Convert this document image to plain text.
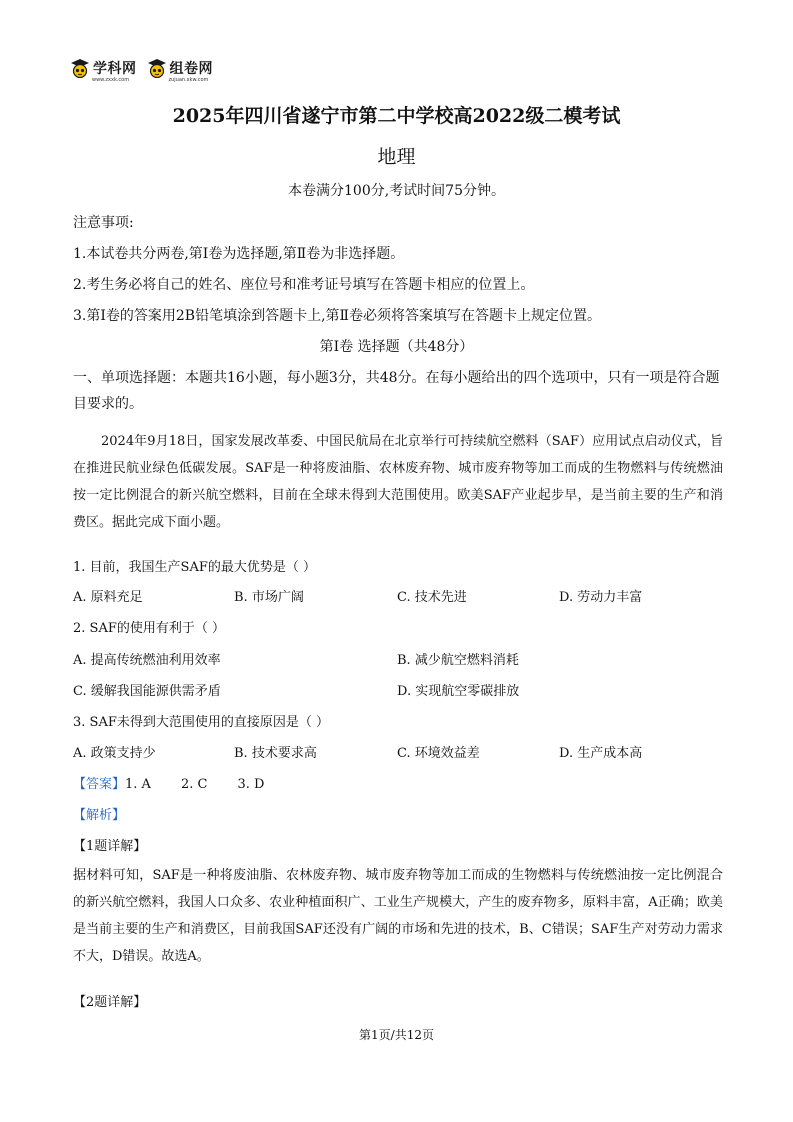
学科网
www.zxxk.com
组卷网
zujuan.xkw.com
2025年四川省遂宁市第二中学校高2022级二模考试
地理
本卷满分100分,考试时间75分钟。
注意事项:
1.本试卷共分两卷,第Ⅰ卷为选择题,第Ⅱ卷为非选择题。
2.考生务必将自己的姓名、座位号和准考证号填写在答题卡相应的位置上。
3.第Ⅰ卷的答案用2B铅笔填涂到答题卡上,第Ⅱ卷必须将答案填写在答题卡上规定位置。
第Ⅰ卷 选择题（共48分）
一、单项选择题：本题共16小题，每小题3分，共48分。在每小题给出的四个选项中，只有一项是符合题目要求的。
2024年9月18日，国家发展改革委、中国民航局在北京举行可持续航空燃料（SAF）应用试点启动仪式，旨在推进民航业绿色低碳发展。SAF是一种将废油脂、农林废弃物、城市废弃物等加工而成的生物燃料与传统燃油按一定比例混合的新兴航空燃料，目前在全球未得到大范围使用。欧美SAF产业起步早，是当前主要的生产和消费区。据此完成下面小题。
1. 目前，我国生产SAF的最大优势是（ ）
A. 原料充足	B. 市场广阔	C. 技术先进	D. 劳动力丰富
2. SAF的使用有利于（ ）
A. 提高传统燃油利用效率	B. 减少航空燃料消耗
C. 缓解我国能源供需矛盾	D. 实现航空零碳排放
3. SAF未得到大范围使用的直接原因是（ ）
A. 政策支持少	B. 技术要求高	C. 环境效益差	D. 生产成本高
【答案】1. A 2. C 3. D
【解析】
【1题详解】
据材料可知，SAF是一种将废油脂、农林废弃物、城市废弃物等加工而成的生物燃料与传统燃油按一定比例混合的新兴航空燃料，我国人口众多、农业种植面积广、工业生产规模大，产生的废弃物多，原料丰富，A正确；欧美是当前主要的生产和消费区，目前我国SAF还没有广阔的市场和先进的技术，B、C错误；SAF生产对劳动力需求不大，D错误。故选A。
【2题详解】
第1页/共12页
